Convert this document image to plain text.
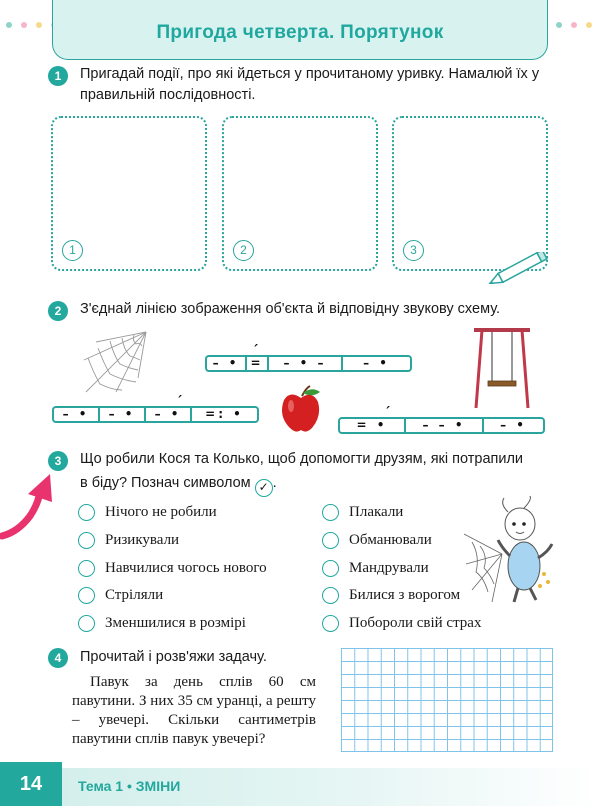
Пригода четверта. Порятунок
1	Пригадай події, про які йдеться у прочитаному уривку. Намалюй їх у правильній послідовності.
1	2	3
2	З'єднай лінією зображення об'єкта й відповідну звукову схему.
– •
´
=	– • –	– •
– •	– •
´
– •	=: •	´
= •	– – •	– •
3	Що робили Кося та Колько, щоб допомогти друзям, які потрапили
в біду? Познач символом ✓ .
Нічого не робили
Ризикували
Навчилися чогось нового
Стріляли
Зменшилися в розмірі
Плакали
Обманювали
Мандрували
Билися з ворогом
Поборoли свій страх
4	Прочитай і розв'яжи задачу.
Павук за день сплів 60 см павутини. З них 35 см уранці, а решту – увечері. Скільки сантиметрів павутини сплів павук увечері?
14	Тема 1 • ЗМІНИ
